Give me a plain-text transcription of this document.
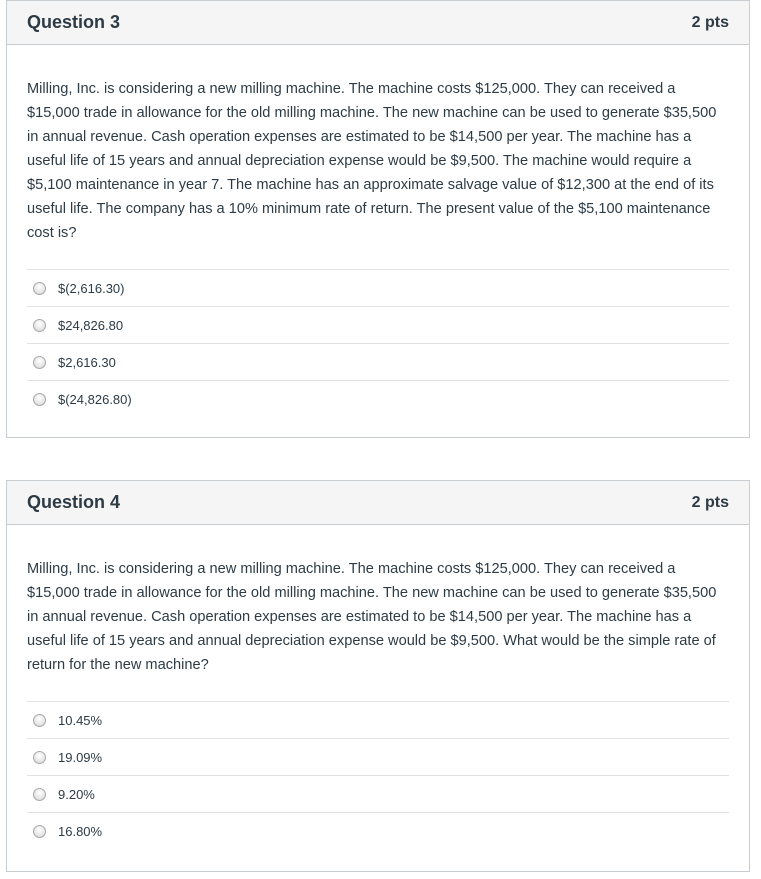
Question 3	2 pts
Milling, Inc. is considering a new milling machine. The machine costs $125,000. They can received a $15,000 trade in allowance for the old milling machine. The new machine can be used to generate $35,500 in annual revenue. Cash operation expenses are estimated to be $14,500 per year. The machine has a useful life of 15 years and annual depreciation expense would be $9,500. The machine would require a $5,100 maintenance in year 7. The machine has an approximate salvage value of $12,300 at the end of its useful life. The company has a 10% minimum rate of return. The present value of the $5,100 maintenance cost is?
$(2,616.30)
$24,826.80
$2,616.30
$(24,826.80)
Question 4	2 pts
Milling, Inc. is considering a new milling machine. The machine costs $125,000. They can received a $15,000 trade in allowance for the old milling machine. The new machine can be used to generate $35,500 in annual revenue. Cash operation expenses are estimated to be $14,500 per year. The machine has a useful life of 15 years and annual depreciation expense would be $9,500. What would be the simple rate of return for the new machine?
10.45%
19.09%
9.20%
16.80%
